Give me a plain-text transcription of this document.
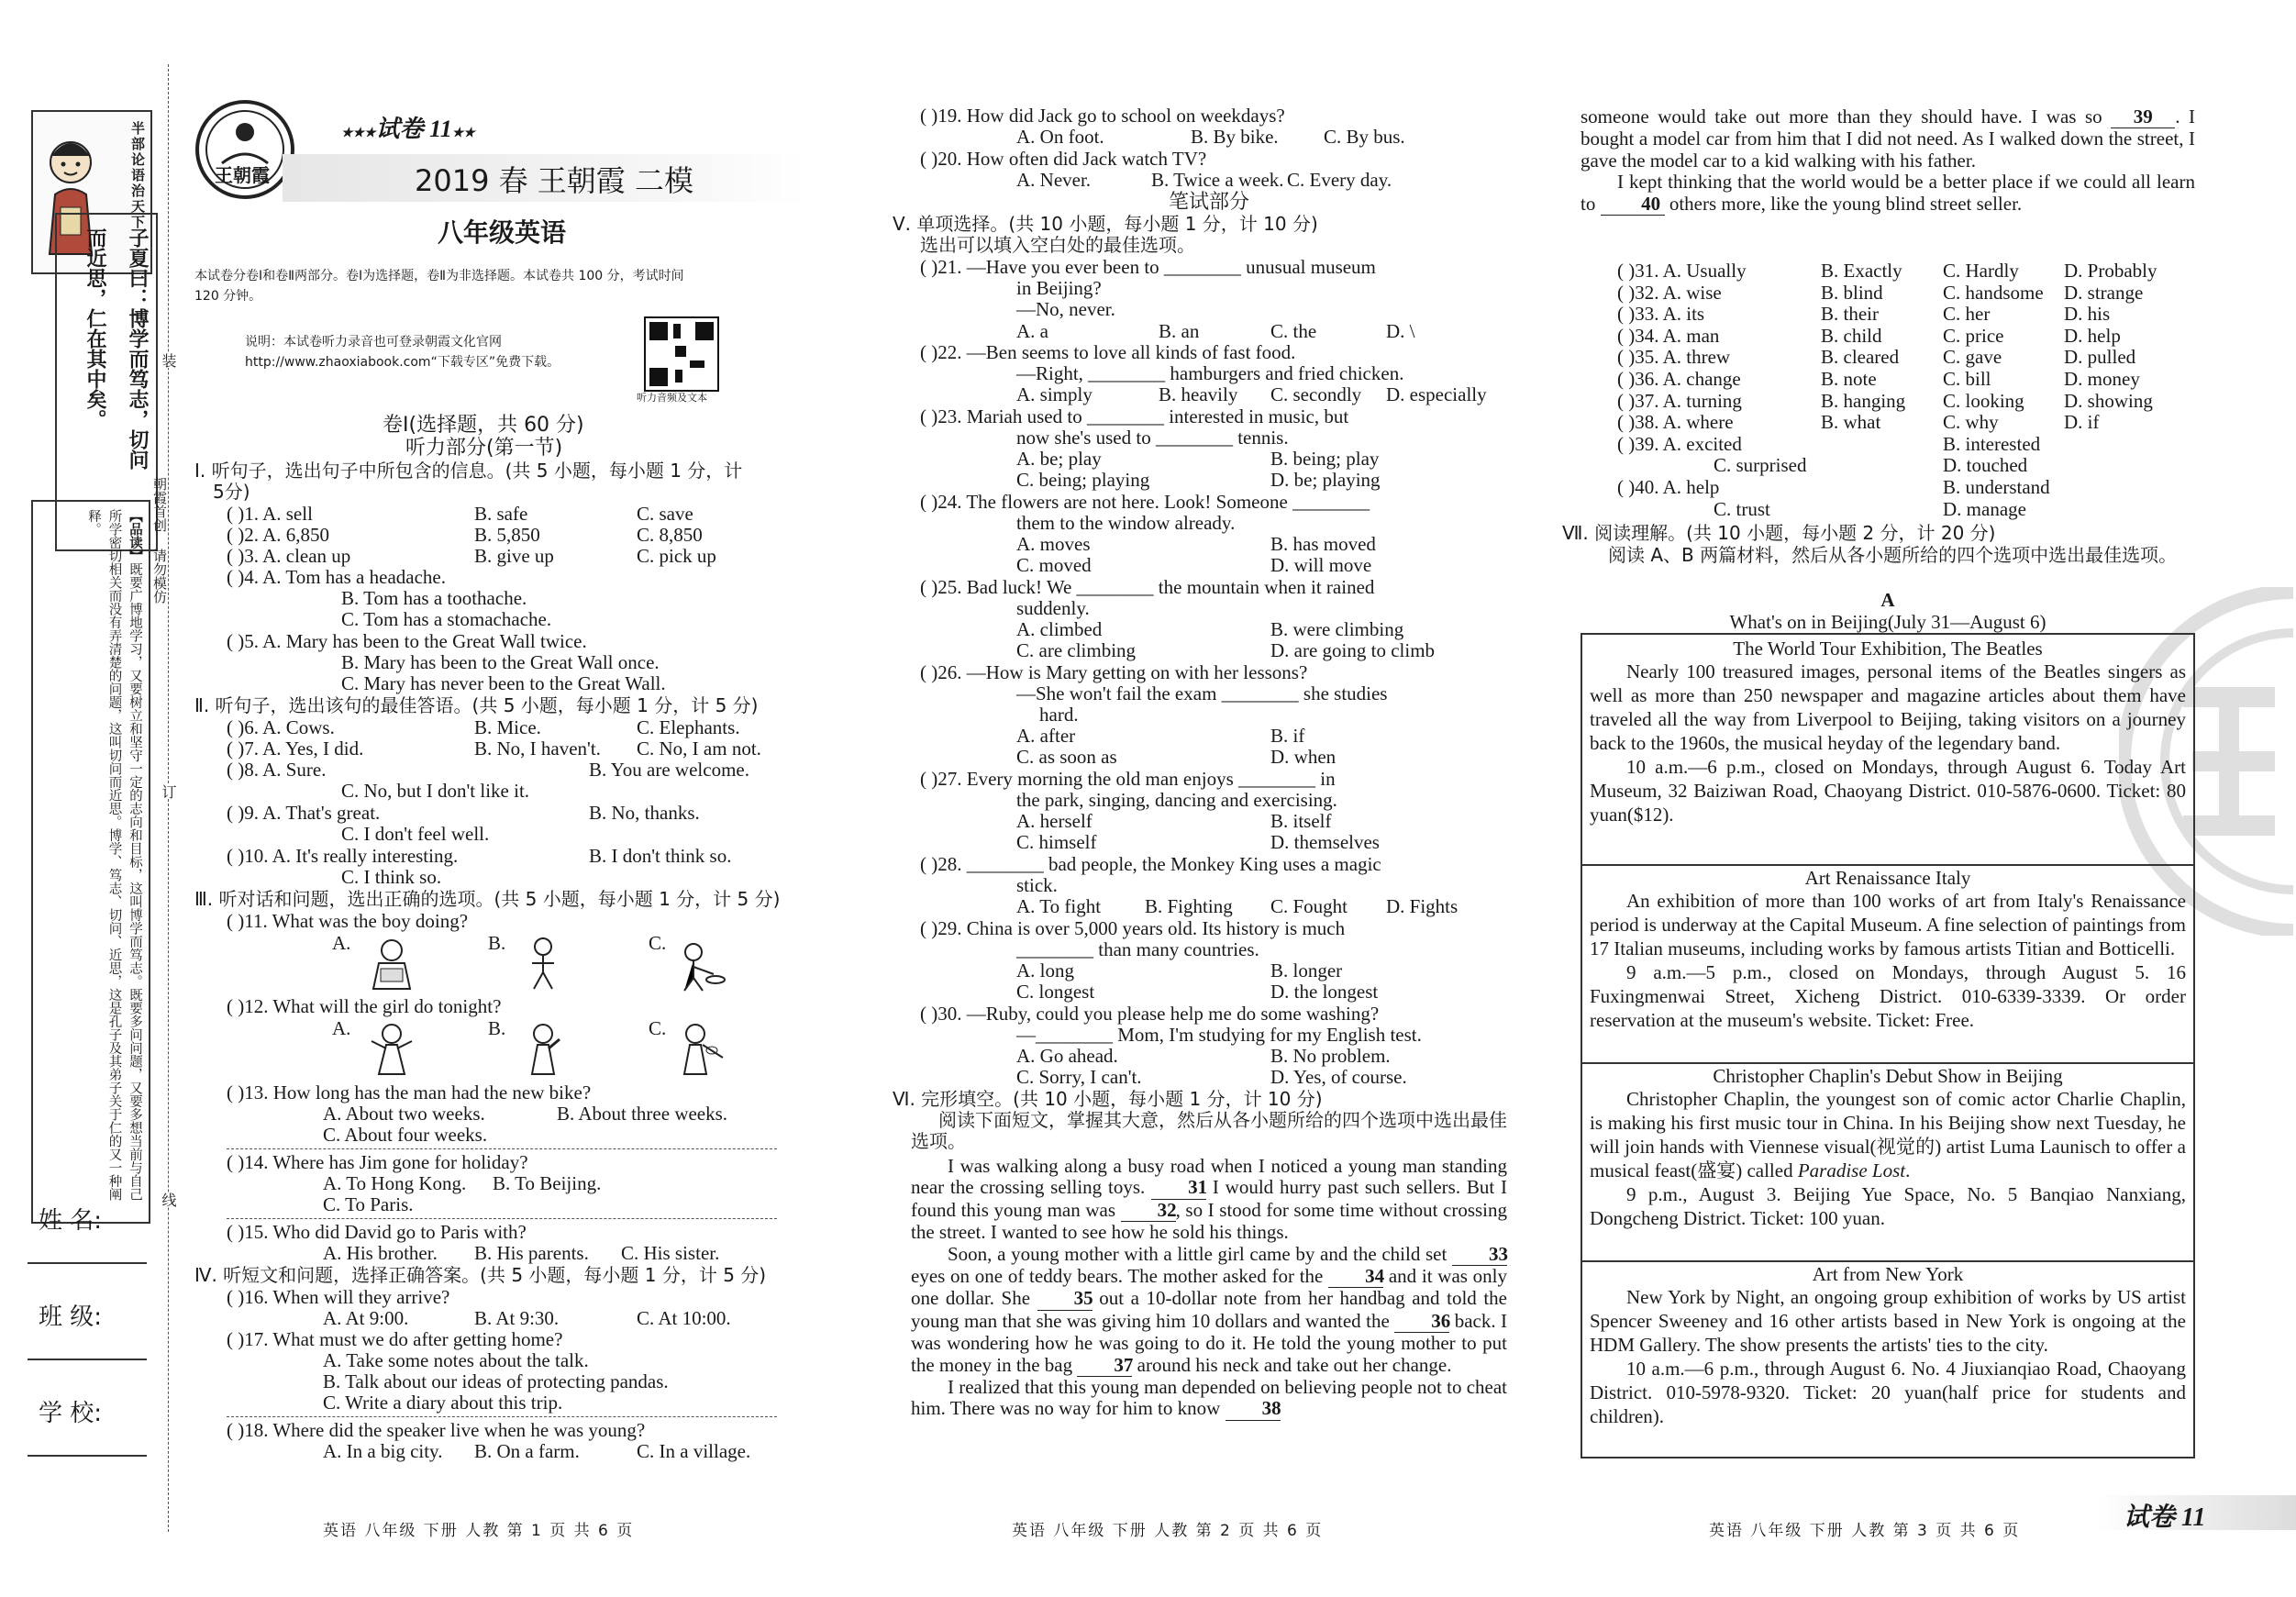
半部论语治天下
子夏曰：博学而笃志，切问
而近思，仁在其中矣。
【品读】既要广博地学习，又要树立和坚守一定的志向和目标，这叫博学而笃志。既要多问问题，又要多想当前与自己所学密切相关而没有弄清楚的问题，这叫切问而近思。博学、笃志、切问、近思，这是孔子及其弟子关于仁的又一种阐释。
姓 名:
班 级:
学 校:
装
订
线
朝霞首创 请勿模仿
王朝霞
★★★试卷 11★★
2019 春 王朝霞 二模
八年级英语
本试卷分卷Ⅰ和卷Ⅱ两部分。卷Ⅰ为选择题，卷Ⅱ为非选择题。本试卷共 100 分，考试时间 120 分钟。
说明：本试卷听力录音也可登录朝霞文化官网 http://www.zhaoxiabook.com“下载专区”免费下载。
听力音频及文本
卷Ⅰ(选择题，共 60 分)
听力部分(第一节)
Ⅰ. 听句子，选出句子中所包含的信息。(共 5 小题，每小题 1 分，计
5分)
( )1. A. sell	B. safe	C. save
( )2. A. 6,850	B. 5,850	C. 8,850
( )3. A. clean up	B. give up	C. pick up
( )4. A. Tom has a headache.
B. Tom has a toothache.
C. Tom has a stomachache.
( )5. A. Mary has been to the Great Wall twice.
B. Mary has been to the Great Wall once.
C. Mary has never been to the Great Wall.
Ⅱ. 听句子，选出该句的最佳答语。(共 5 小题，每小题 1 分，计 5 分)
( )6. A. Cows.	B. Mice.	C. Elephants.
( )7. A. Yes, I did.	B. No, I haven't. C. No, I am not.
( )8. A. Sure.	B. You are welcome.
C. No, but I don't like it.
( )9. A. That's great.	B. No, thanks.
C. I don't feel well.
( )10. A. It's really interesting.	B. I don't think so.
C. I think so.
Ⅲ. 听对话和问题，选出正确的选项。(共 5 小题，每小题 1 分，计 5 分)
( )11. What was the boy doing?
A.	B.	C.
( )12. What will the girl do tonight?
A.	B.	C.
( )13. How long has the man had the new bike?
A. About two weeks.	B. About three weeks.
C. About four weeks.
( )14. Where has Jim gone for holiday?
A. To Hong Kong. B. To Beijing.
C. To Paris.
( )15. Who did David go to Paris with?
A. His brother. B. His parents. C. His sister.
Ⅳ. 听短文和问题，选择正确答案。(共 5 小题，每小题 1 分，计 5 分)
( )16. When will they arrive?
A. At 9:00.	B. At 9:30.	C. At 10:00.
( )17. What must we do after getting home?
A. Take some notes about the talk.
B. Talk about our ideas of protecting pandas.
C. Write a diary about this trip.
( )18. Where did the speaker live when he was young?
A. In a big city. B. On a farm.	C. In a village.
英语 八年级 下册 人教 第 1 页 共 6 页
( )19. How did Jack go to school on weekdays?
A. On foot.	B. By bike. C. By bus.
( )20. How often did Jack watch TV?
A. Never.	B. Twice a week. C. Every day.
笔试部分
Ⅴ. 单项选择。(共 10 小题，每小题 1 分，计 10 分)
选出可以填入空白处的最佳选项。
( )21. —Have you ever been to ________ unusual museum
in Beijing?
—No, never.
A. a	B. an	C. the	D. \
( )22. —Ben seems to love all kinds of fast food.
—Right, ________ hamburgers and fried chicken.
A. simply	B. heavily C. secondly D. especially
( )23. Mariah used to ________ interested in music, but
now she's used to ________ tennis.
A. be; play	B. being; play
C. being; playing	D. be; playing
( )24. The flowers are not here. Look! Someone ________
them to the window already.
A. moves	B. has moved
C. moved	D. will move
( )25. Bad luck! We ________ the mountain when it rained
suddenly.
A. climbed	B. were climbing
C. are climbing	D. are going to climb
( )26. —How is Mary getting on with her lessons?
—She won't fail the exam ________ she studies
hard.
A. after	B. if
C. as soon as	D. when
( )27. Every morning the old man enjoys ________ in
the park, singing, dancing and exercising.
A. herself	B. itself
C. himself	D. themselves
( )28. ________ bad people, the Monkey King uses a magic
stick.
A. To fight B. Fighting C. Fought D. Fights
( )29. China is over 5,000 years old. Its history is much
________ than many countries.
A. long	B. longer
C. longest	D. the longest
( )30. —Ruby, could you please help me do some washing?
—________ Mom, I'm studying for my English test.
A. Go ahead.	B. No problem.
C. Sorry, I can't.	D. Yes, of course.
Ⅵ. 完形填空。(共 10 小题，每小题 1 分，计 10 分)
阅读下面短文，掌握其大意，然后从各小题所给的四个选项中选出最佳选项。
I was walking along a busy road when I noticed a young man standing near the crossing selling toys. 31 I would hurry past such sellers. But I found this young man was 32, so I stood for some time without crossing the street. I wanted to see how he sold his things.
Soon, a young mother with a little girl came by and the child set 33 eyes on one of teddy bears. The mother asked for the 34 and it was only one dollar. She 35 out a 10-dollar note from her handbag and told the young man that she was giving him 10 dollars and wanted the 36 back. I was wondering how he was going to do it. He told the young mother to put the money in the bag 37 around his neck and take out her change.
I realized that this young man depended on believing people not to cheat him. There was no way for him to know 38
英语 八年级 下册 人教 第 2 页 共 6 页
someone would take out more than they should have. I was so 39 . I bought a model car from him that I did not need. As I walked down the street, I gave the model car to a kid walking with his father.
I kept thinking that the world would be a better place if we could all learn to 40 others more, like the young blind street seller.
( )31. A. Usually	B. Exactly C. Hardly D. Probably
( )32. A. wise	B. blind	C. handsome D. strange
( )33. A. its	B. their	C. her	D. his
( )34. A. man	B. child	C. price	D. help
( )35. A. threw	B. cleared C. gave	D. pulled
( )36. A. change	B. note	C. bill	D. money
( )37. A. turning	B. hanging C. looking D. showing
( )38. A. where	B. what	C. why	D. if
( )39. A. excited	B. interested
C. surprised	D. touched
( )40. A. help	B. understand
C. trust	D. manage
Ⅶ. 阅读理解。(共 10 小题，每小题 2 分，计 20 分)
阅读 A、B 两篇材料，然后从各小题所给的四个选项中选出最佳选项。
A
What's on in Beijing(July 31—August 6)
The World Tour Exhibition, The Beatles
Nearly 100 treasured images, personal items of the Beatles singers as well as more than 250 newspaper and magazine articles about them have traveled all the way from Liverpool to Beijing, taking visitors on a journey back to the 1960s, the musical heyday of the legendary band.
10 a.m.—6 p.m., closed on Mondays, through August 6. Today Art Museum, 32 Baiziwan Road, Chaoyang District. 010-5876-0600. Ticket: 80 yuan($12).
Art Renaissance Italy
An exhibition of more than 100 works of art from Italy's Renaissance period is underway at the Capital Museum. A fine selection of paintings from 17 Italian museums, including works by famous artists Titian and Botticelli.
9 a.m.—5 p.m., closed on Mondays, through August 5. 16 Fuxingmenwai Street, Xicheng District. 010-6339-3339. Or order reservation at the museum's website. Ticket: Free.
Christopher Chaplin's Debut Show in Beijing
Christopher Chaplin, the youngest son of comic actor Charlie Chaplin, is making his first music tour in China. In his Beijing show next Tuesday, he will join hands with Viennese visual(视觉的) artist Luma Launisch to offer a musical feast(盛宴) called Paradise Lost.
9 p.m., August 3. Beijing Yue Space, No. 5 Banqiao Nanxiang, Dongcheng District. Ticket: 100 yuan.
Art from New York
New York by Night, an ongoing group exhibition of works by US artist Spencer Sweeney and 16 other artists based in New York is ongoing at the HDM Gallery. The show presents the artists' ties to the city.
10 a.m.—6 p.m., through August 6. No. 4 Jiuxianqiao Road, Chaoyang District. 010-5978-9320. Ticket: 20 yuan(half price for students and children).
英语 八年级 下册 人教 第 3 页 共 6 页	试卷 11
